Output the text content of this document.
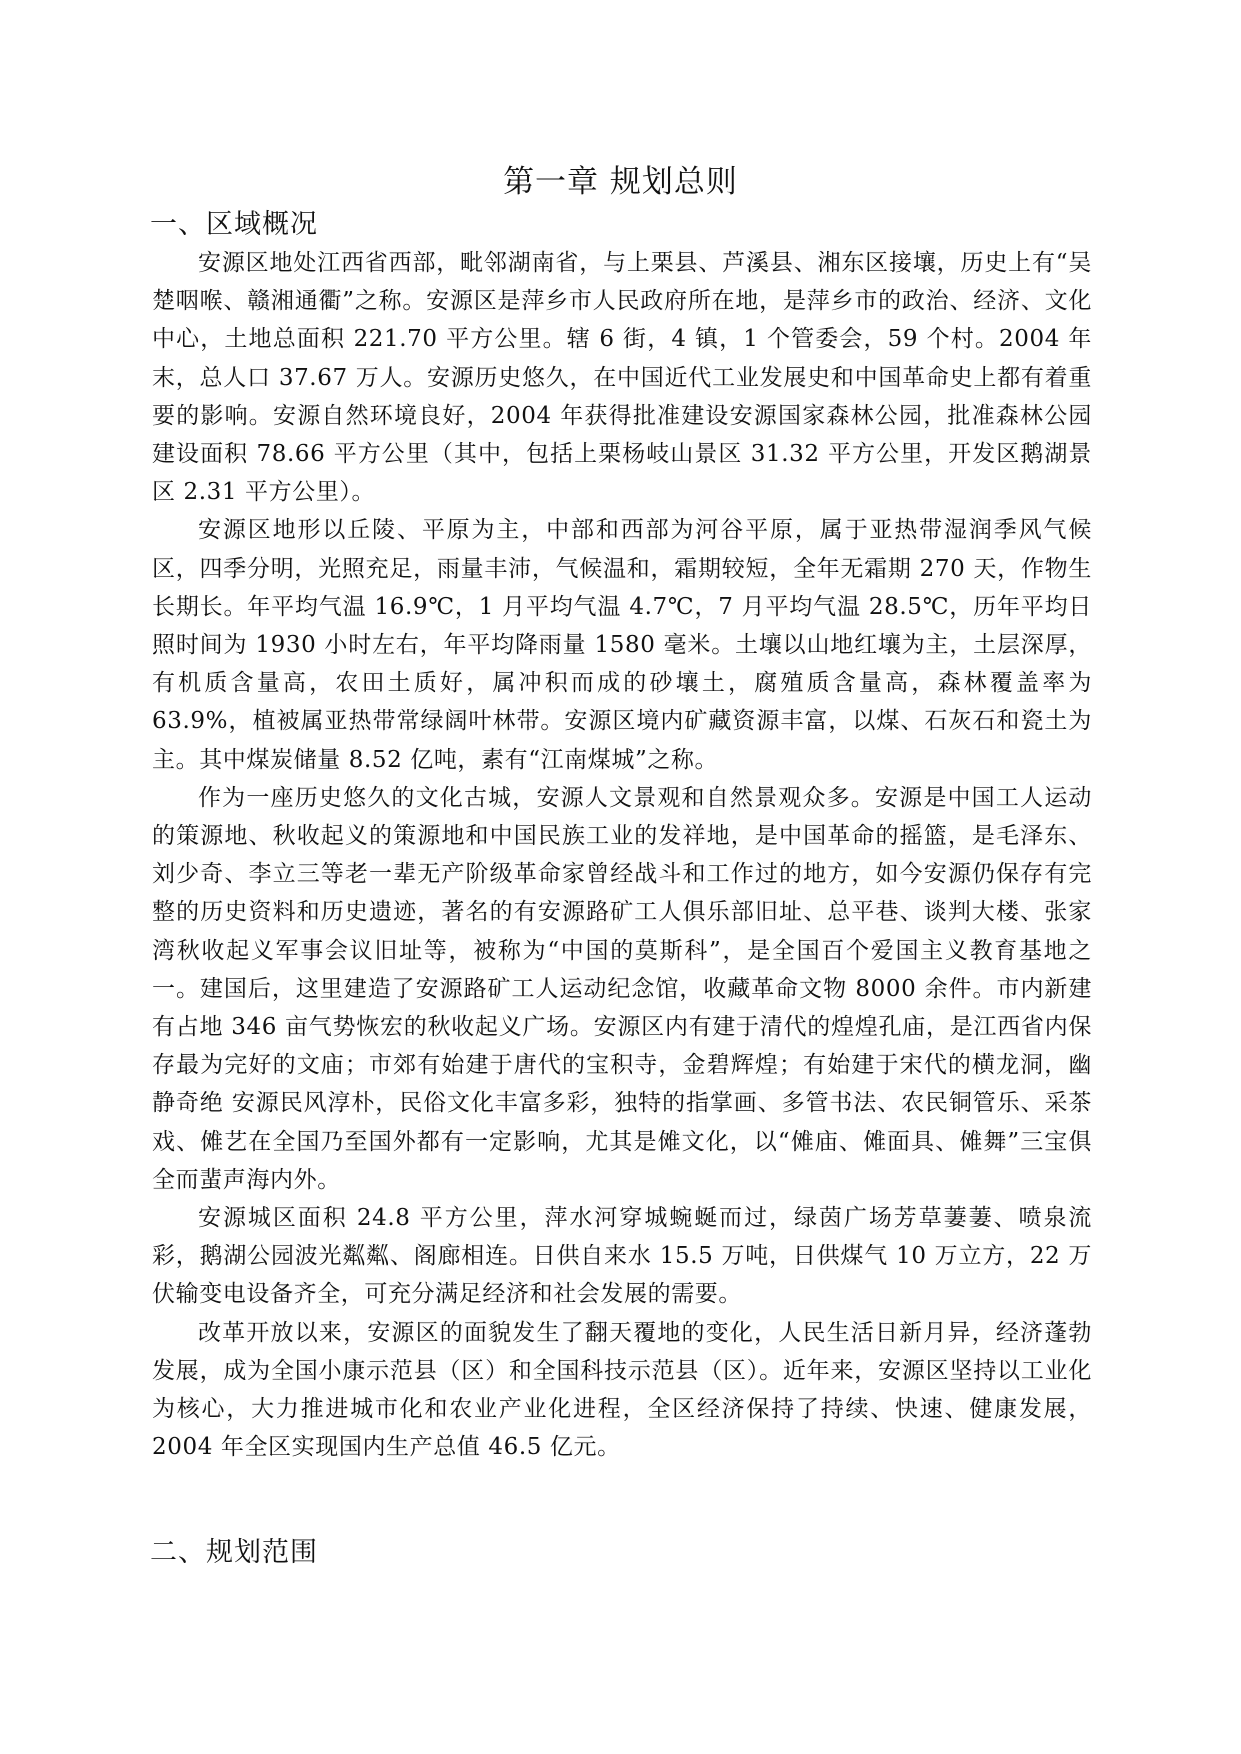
第一章 规划总则
一、区域概况

安源区地处江西省西部，毗邻湖南省，与上栗县、芦溪县、湘东区接壤，历史上有“吴楚咽喉、赣湘通衢”之称。安源区是萍乡市人民政府所在地，是萍乡市的政治、经济、文化中心，土地总面积 221.70 平方公里。辖 6 街，4 镇，1 个管委会，59 个村。2004 年末，总人口 37.67 万人。安源历史悠久，在中国近代工业发展史和中国革命史上都有着重要的影响。安源自然环境良好，2004 年获得批准建设安源国家森林公园，批准森林公园建设面积 78.66 平方公里（其中，包括上栗杨岐山景区 31.32 平方公里，开发区鹅湖景区 2.31 平方公里）。

安源区地形以丘陵、平原为主，中部和西部为河谷平原，属于亚热带湿润季风气候区，四季分明，光照充足，雨量丰沛，气候温和，霜期较短，全年无霜期 270 天，作物生长期长。年平均气温 16.9℃，1 月平均气温 4.7℃，7 月平均气温 28.5℃，历年平均日照时间为 1930 小时左右，年平均降雨量 1580 毫米。土壤以山地红壤为主，土层深厚，有机质含量高，农田土质好，属冲积而成的砂壤土，腐殖质含量高，森林覆盖率为 63.9%，植被属亚热带常绿阔叶林带。安源区境内矿藏资源丰富，以煤、石灰石和瓷土为主。其中煤炭储量 8.52 亿吨，素有“江南煤城”之称。

作为一座历史悠久的文化古城，安源人文景观和自然景观众多。安源是中国工人运动的策源地、秋收起义的策源地和中国民族工业的发祥地，是中国革命的摇篮，是毛泽东、刘少奇、李立三等老一辈无产阶级革命家曾经战斗和工作过的地方，如今安源仍保存有完整的历史资料和历史遗迹，著名的有安源路矿工人俱乐部旧址、总平巷、谈判大楼、张家湾秋收起义军事会议旧址等，被称为“中国的莫斯科”，是全国百个爱国主义教育基地之一。建国后，这里建造了安源路矿工人运动纪念馆，收藏革命文物 8000 余件。市内新建有占地 346 亩气势恢宏的秋收起义广场。安源区内有建于清代的煌煌孔庙，是江西省内保存最为完好的文庙；市郊有始建于唐代的宝积寺，金碧辉煌；有始建于宋代的横龙洞，幽静奇绝 安源民风淳朴，民俗文化丰富多彩，独特的指掌画、多管书法、农民铜管乐、采茶戏、傩艺在全国乃至国外都有一定影响，尤其是傩文化，以“傩庙、傩面具、傩舞”三宝俱全而蜚声海内外。

安源城区面积 24.8 平方公里，萍水河穿城蜿蜒而过，绿茵广场芳草萋萋、喷泉流彩，鹅湖公园波光粼粼、阁廊相连。日供自来水 15.5 万吨，日供煤气 10 万立方，22 万伏输变电设备齐全，可充分满足经济和社会发展的需要。

改革开放以来，安源区的面貌发生了翻天覆地的变化，人民生活日新月异，经济蓬勃发展，成为全国小康示范县（区）和全国科技示范县（区）。近年来，安源区坚持以工业化为核心，大力推进城市化和农业产业化进程，全区经济保持了持续、快速、健康发展，2004 年全区实现国内生产总值 46.5 亿元。

二、规划范围
